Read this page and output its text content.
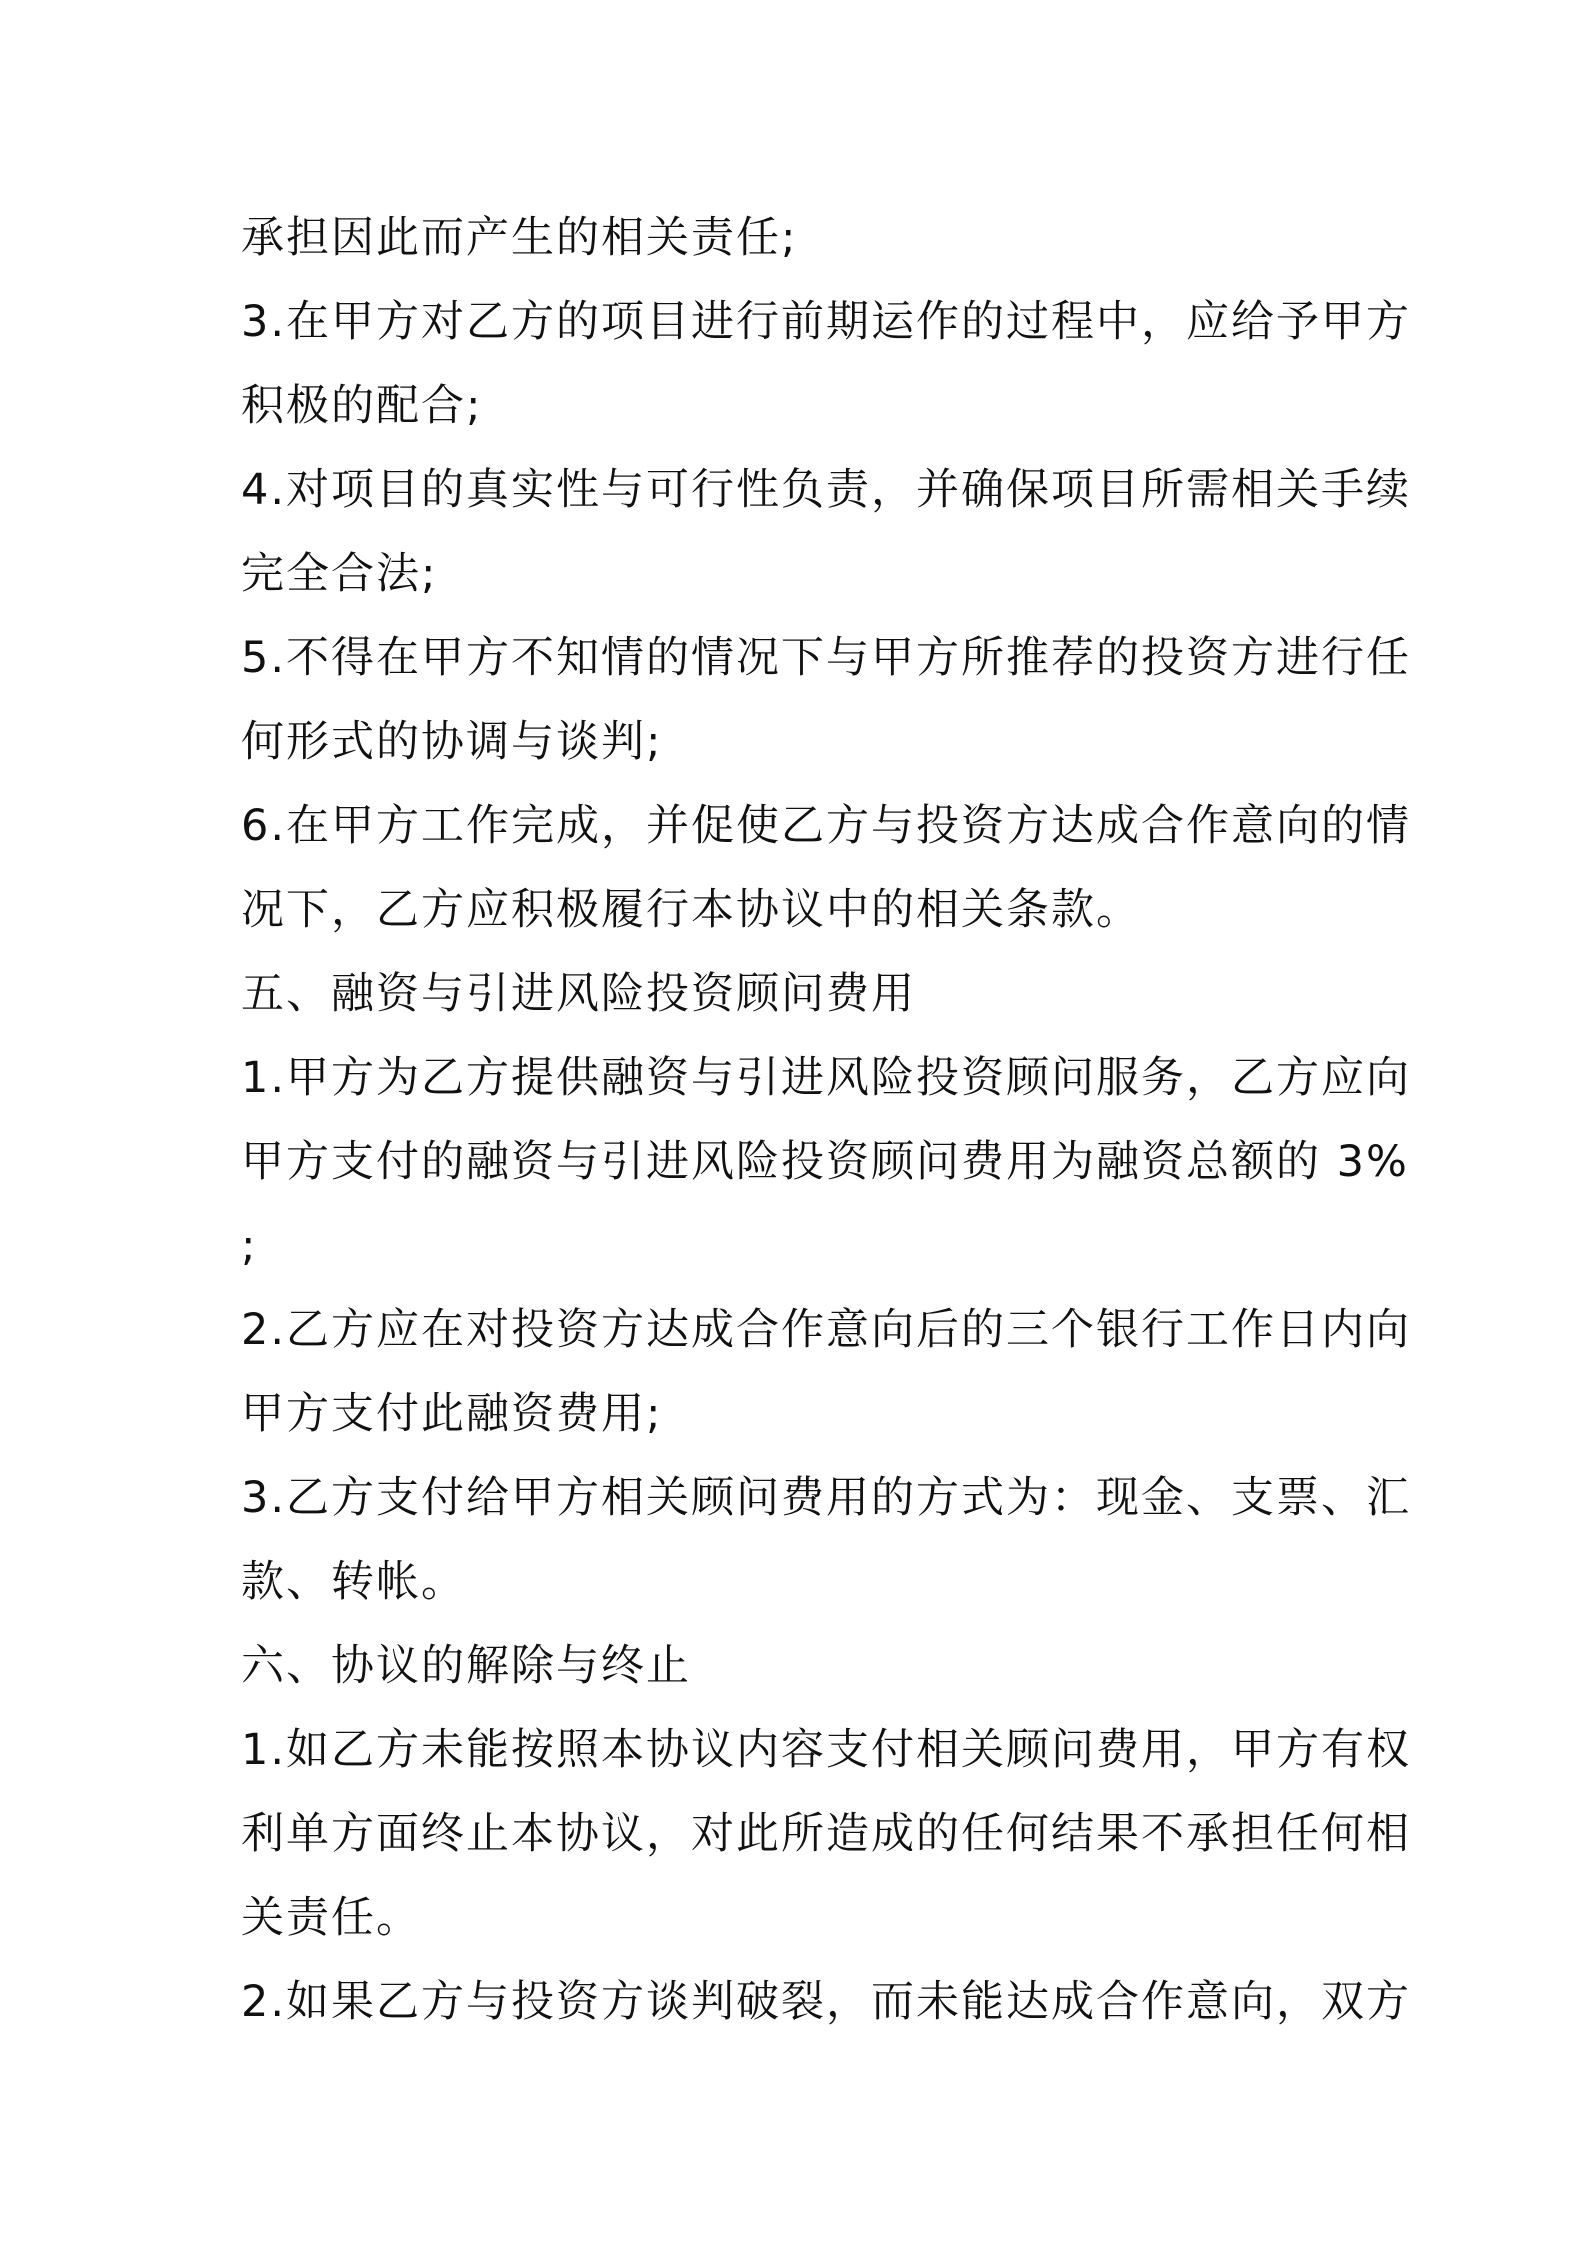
承担因此而产生的相关责任;
3.在甲方对乙方的项目进行前期运作的过程中，应给予甲方
积极的配合;
4.对项目的真实性与可行性负责，并确保项目所需相关手续
完全合法;
5.不得在甲方不知情的情况下与甲方所推荐的投资方进行任
何形式的协调与谈判;
6.在甲方工作完成，并促使乙方与投资方达成合作意向的情
况下，乙方应积极履行本协议中的相关条款。
五、融资与引进风险投资顾问费用
1.甲方为乙方提供融资与引进风险投资顾问服务，乙方应向
甲方支付的融资与引进风险投资顾问费用为融资总额的 3%
;
2.乙方应在对投资方达成合作意向后的三个银行工作日内向
甲方支付此融资费用;
3.乙方支付给甲方相关顾问费用的方式为：现金、支票、汇
款、转帐。
六、协议的解除与终止
1.如乙方未能按照本协议内容支付相关顾问费用，甲方有权
利单方面终止本协议，对此所造成的任何结果不承担任何相
关责任。
2.如果乙方与投资方谈判破裂，而未能达成合作意向，双方
